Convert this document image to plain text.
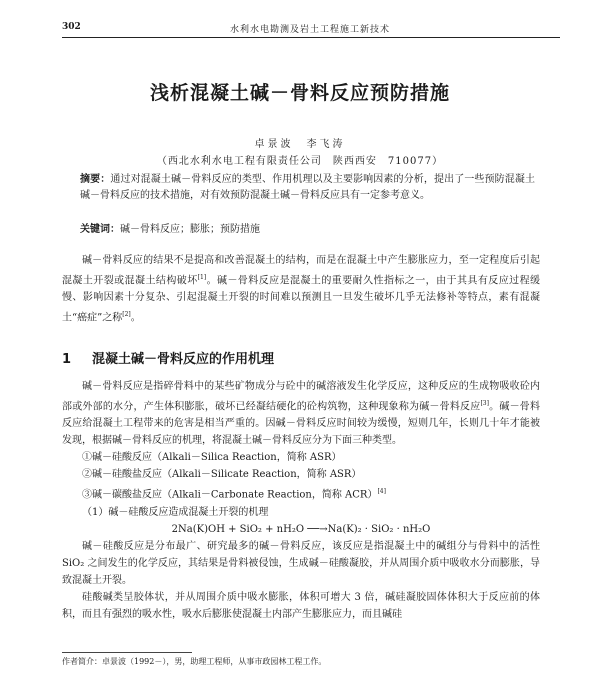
302	水利水电勘测及岩土工程施工新技术
浅析混凝土碱－骨料反应预防措施
卓景波　李飞涛
（西北水利水电工程有限责任公司　陕西西安　710077）
摘要：通过对混凝土碱－骨料反应的类型、作用机理以及主要影响因素的分析，提出了一些预防混凝土碱－骨料反应的技术措施，对有效预防混凝土碱－骨料反应具有一定参考意义。
关键词：碱－骨料反应；膨胀；预防措施

碱－骨料反应的结果不是提高和改善混凝土的结构，而是在混凝土中产生膨胀应力，至一定程度后引起混凝土开裂或混凝土结构破坏[1]。碱－骨料反应是混凝土的重要耐久性指标之一，由于其具有反应过程缓慢、影响因素十分复杂、引起混凝土开裂的时间难以预测且一旦发生破坏几乎无法修补等特点，素有混凝土“癌症”之称[2]。

1 混凝土碱－骨料反应的作用机理

碱－骨料反应是指碎骨料中的某些矿物成分与砼中的碱溶液发生化学反应，这种反应的生成物吸收砼内部或外部的水分，产生体积膨胀，破坏已经凝结硬化的砼构筑物，这种现象称为碱－骨料反应[3]。碱－骨料反应给混凝土工程带来的危害是相当严重的。因碱－骨料反应时间较为缓慢，短则几年，长则几十年才能被发现，根据碱－骨料反应的机理，将混凝土碱－骨料反应分为下面三种类型。

①碱－硅酸反应（Alkali－Silica Reaction，简称 ASR）

②碱－硅酸盐反应（Alkali－Silicate Reaction，简称 ASR）

③碱－碳酸盐反应（Alkali－Carbonate Reaction，简称 ACR）[4]

（1）碱－硅酸反应造成混凝土开裂的机理

2Na(K)OH + SiO₂ + nH₂O ──→Na(K)₂ · SiO₂ · nH₂O

碱－硅酸反应是分布最广、研究最多的碱－骨料反应，该反应是指混凝土中的碱组分与骨料中的活性 SiO₂ 之间发生的化学反应，其结果是骨料被侵蚀，生成碱－硅酸凝胶，并从周围介质中吸收水分而膨胀，导致混凝土开裂。

硅酸碱类呈胶体状，并从周围介质中吸水膨胀，体积可增大 3 倍，碱硅凝胶固体体积大于反应前的体积，而且有强烈的吸水性，吸水后膨胀使混凝土内部产生膨胀应力，而且碱硅

作者简介：卓景波（1992－），男，助理工程师，从事市政园林工程工作。
